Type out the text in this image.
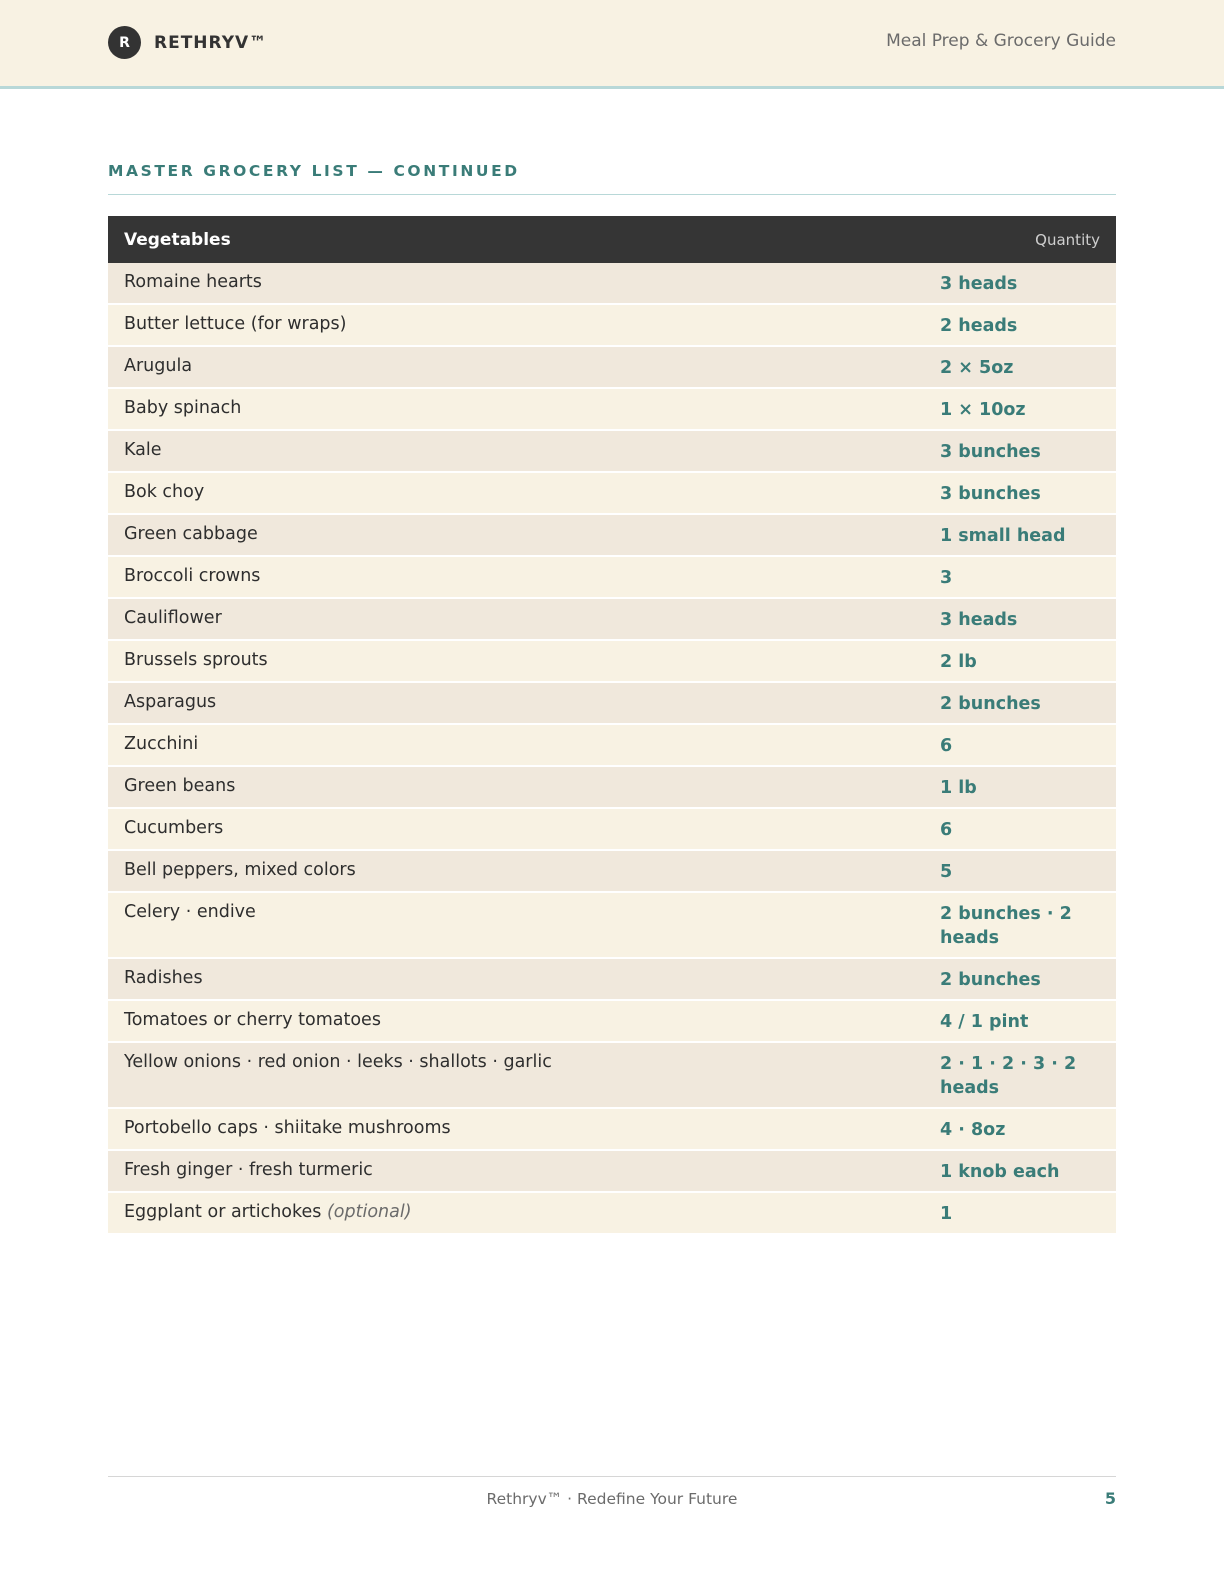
R	RETHRYV™	Meal Prep & Grocery Guide
MASTER GROCERY LIST — CONTINUED
Vegetables	Quantity
Romaine hearts	3 heads
Butter lettuce (for wraps)	2 heads
Arugula	2 × 5oz
Baby spinach	1 × 10oz
Kale	3 bunches
Bok choy	3 bunches
Green cabbage	1 small head
Broccoli crowns	3
Cauliflower	3 heads
Brussels sprouts	2 lb
Asparagus	2 bunches
Zucchini	6
Green beans	1 lb
Cucumbers	6
Bell peppers, mixed colors	5
Celery · endive	2 bunches · 2 heads
Radishes	2 bunches
Tomatoes or cherry tomatoes	4 / 1 pint
Yellow onions · red onion · leeks · shallots · garlic	2 · 1 · 2 · 3 · 2 heads
Portobello caps · shiitake mushrooms	4 · 8oz
Fresh ginger · fresh turmeric	1 knob each
Eggplant or artichokes (optional)	1
Rethryv™ · Redefine Your Future	5
